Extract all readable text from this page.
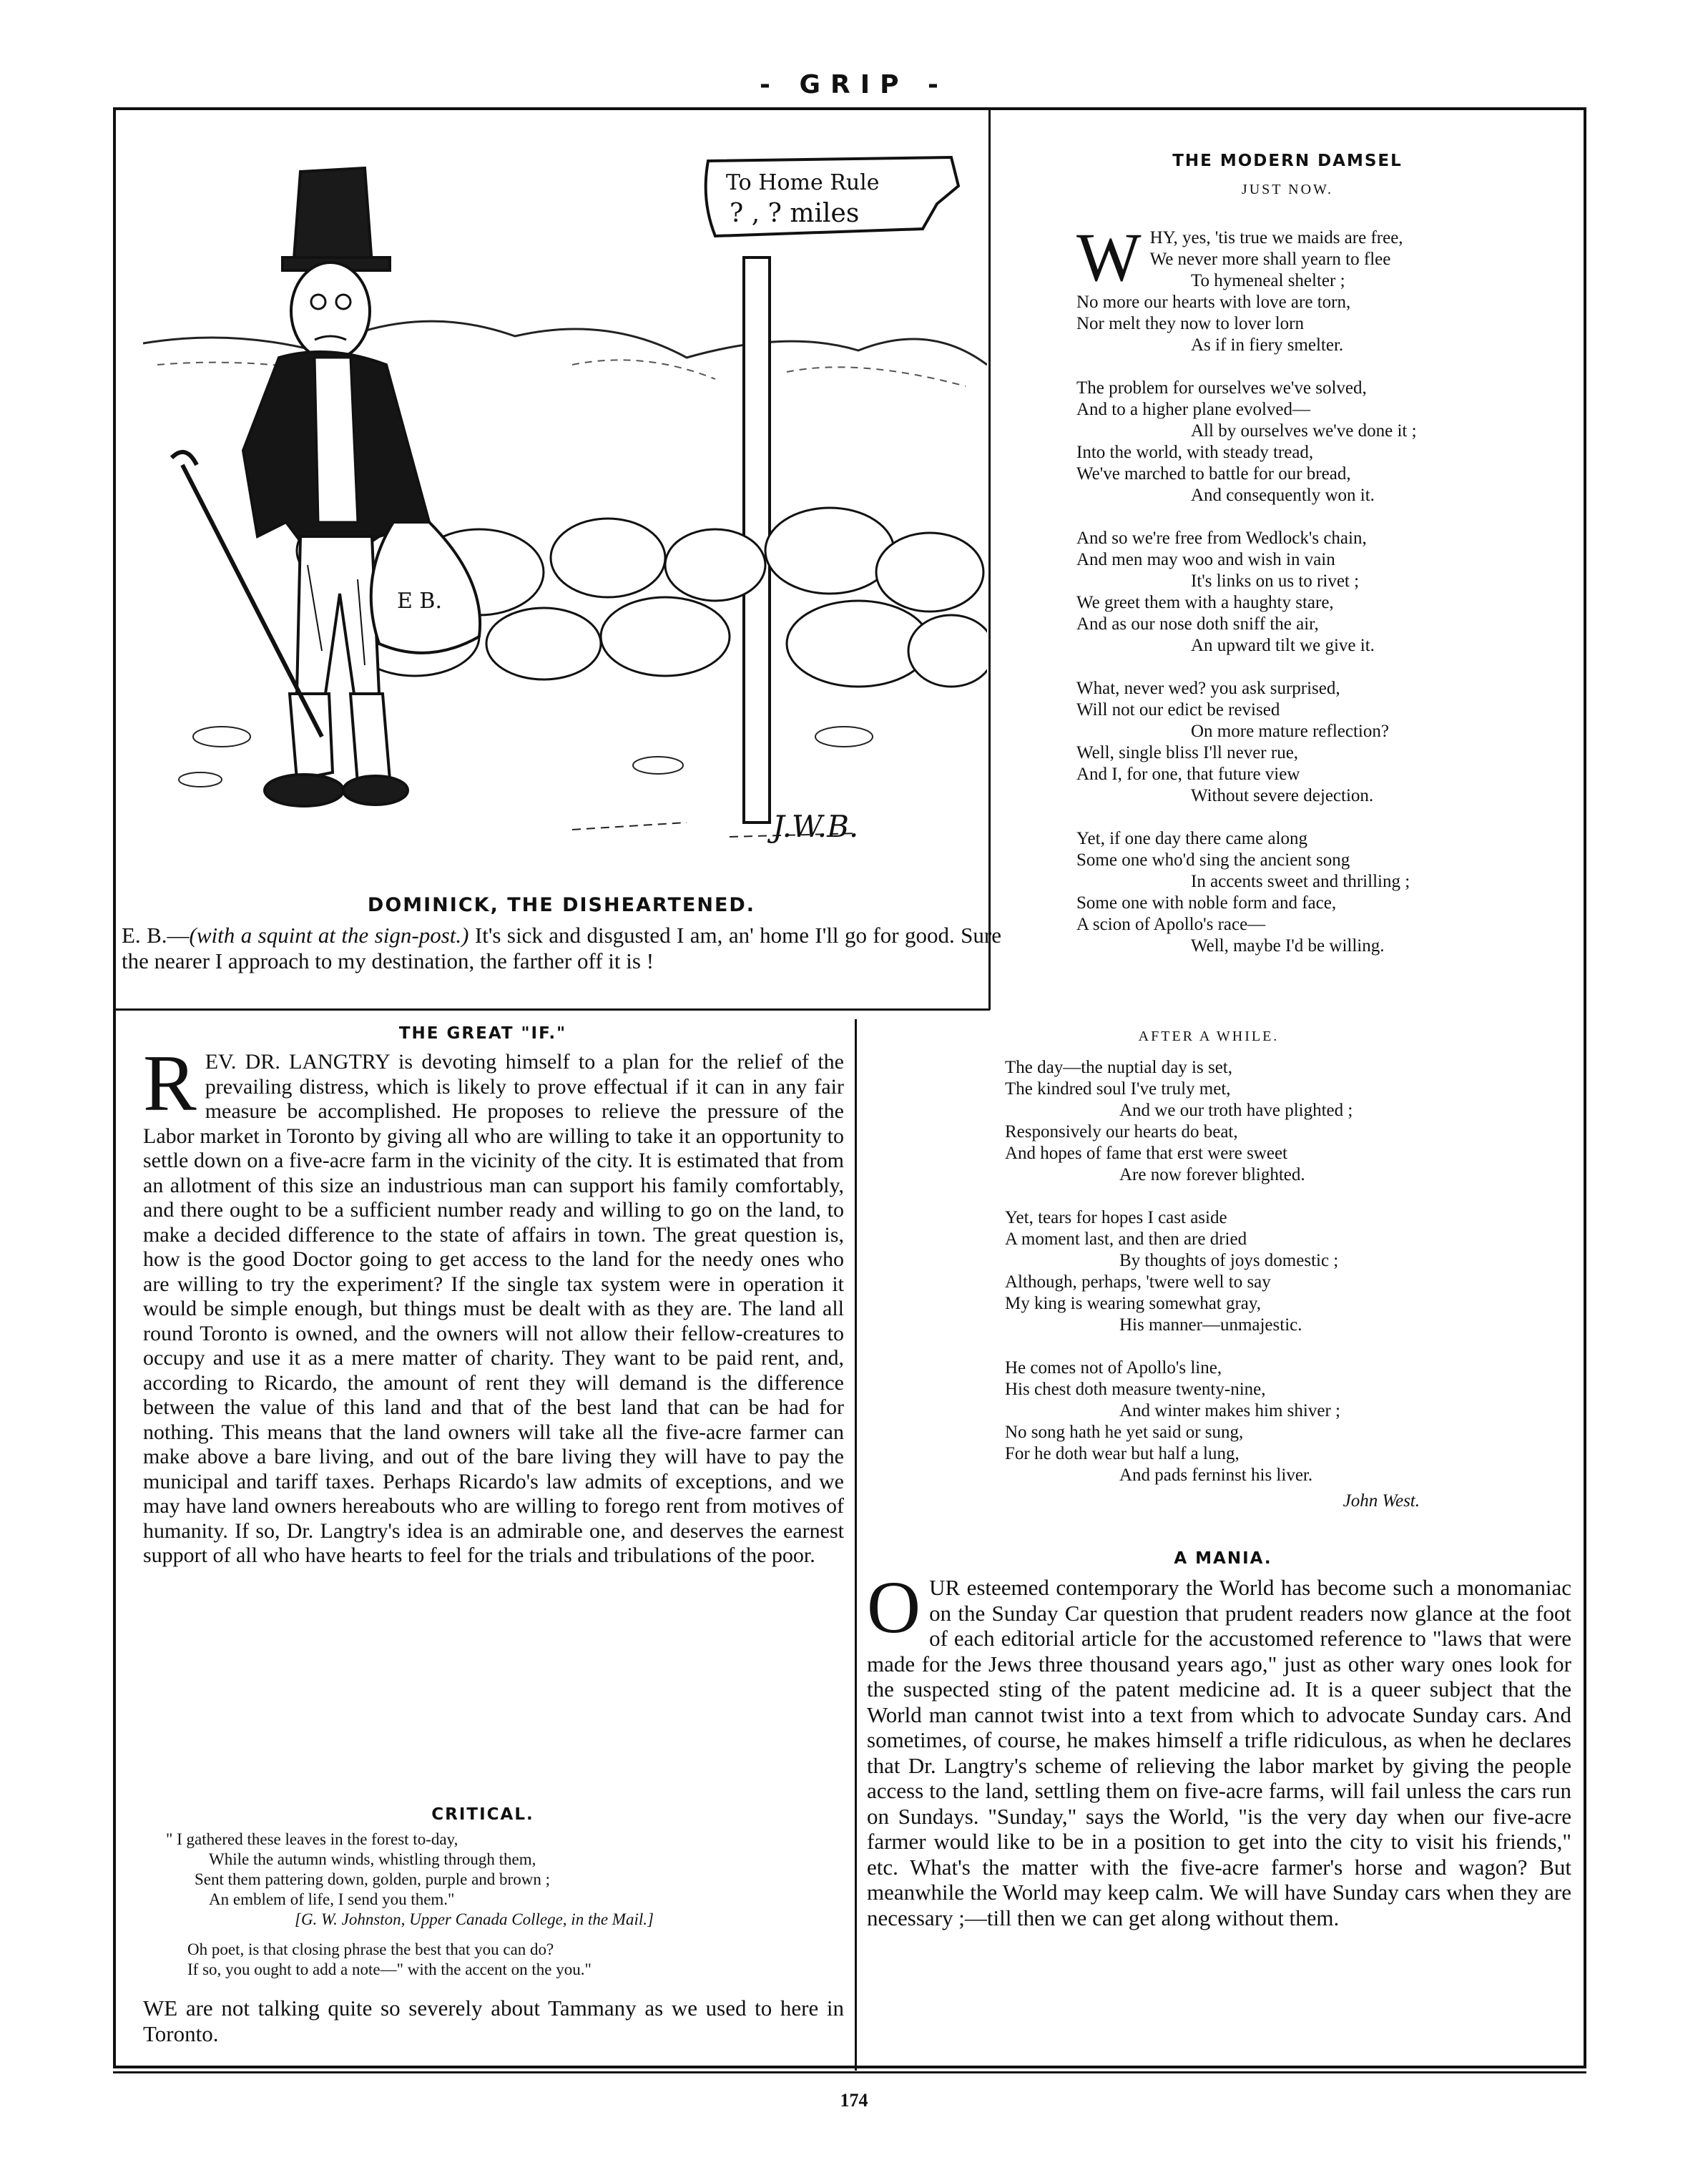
- GRIP -
To Home Rule
? , ? miles
E B.
J.W.B.
DOMINICK, THE DISHEARTENED.
E. B.—(with a squint at the sign-post.) It's sick and disgusted I am, an' home I'll go for good. Sure the nearer I approach to my destination, the farther off it is !
THE MODERN DAMSEL
JUST NOW.
W HY, yes, 'tis true we maids are free,
We never more shall yearn to flee
To hymeneal shelter ;
No more our hearts with love are torn,
Nor melt they now to lover lorn
As if in fiery smelter.
The problem for ourselves we've solved,
And to a higher plane evolved—
All by ourselves we've done it ;
Into the world, with steady tread,
We've marched to battle for our bread,
And consequently won it.
And so we're free from Wedlock's chain,
And men may woo and wish in vain
It's links on us to rivet ;
We greet them with a haughty stare,
And as our nose doth sniff the air,
An upward tilt we give it.
What, never wed? you ask surprised,
Will not our edict be revised
On more mature reflection?
Well, single bliss I'll never rue,
And I, for one, that future view
Without severe dejection.
Yet, if one day there came along
Some one who'd sing the ancient song
In accents sweet and thrilling ;
Some one with noble form and face,
A scion of Apollo's race—
Well, maybe I'd be willing.
AFTER A WHILE.
The day—the nuptial day is set,
The kindred soul I've truly met,
And we our troth have plighted ;
Responsively our hearts do beat,
And hopes of fame that erst were sweet
Are now forever blighted.
Yet, tears for hopes I cast aside
A moment last, and then are dried
By thoughts of joys domestic ;
Although, perhaps, 'twere well to say
My king is wearing somewhat gray,
His manner—unmajestic.
He comes not of Apollo's line,
His chest doth measure twenty-nine,
And winter makes him shiver ;
No song hath he yet said or sung,
For he doth wear but half a lung,
And pads ferninst his liver.
John West.
THE GREAT "IF."
REV. DR. LANGTRY is devoting himself to a plan for the relief of the prevailing distress, which is likely to prove effectual if it can in any fair measure be accomplished. He proposes to relieve the pressure of the Labor market in Toronto by giving all who are willing to take it an opportunity to settle down on a five-acre farm in the vicinity of the city. It is estimated that from an allotment of this size an industrious man can support his family comfortably, and there ought to be a sufficient number ready and willing to go on the land, to make a decided difference to the state of affairs in town. The great question is, how is the good Doctor going to get access to the land for the needy ones who are willing to try the experiment? If the single tax system were in operation it would be simple enough, but things must be dealt with as they are. The land all round Toronto is owned, and the owners will not allow their fellow-creatures to occupy and use it as a mere matter of charity. They want to be paid rent, and, according to Ricardo, the amount of rent they will demand is the difference between the value of this land and that of the best land that can be had for nothing. This means that the land owners will take all the five-acre farmer can make above a bare living, and out of the bare living they will have to pay the municipal and tariff taxes. Perhaps Ricardo's law admits of exceptions, and we may have land owners hereabouts who are willing to forego rent from motives of humanity. If so, Dr. Langtry's idea is an admirable one, and deserves the earnest support of all who have hearts to feel for the trials and tribulations of the poor.
CRITICAL.
" I gathered these leaves in the forest to-day,
While the autumn winds, whistling through them,
Sent them pattering down, golden, purple and brown ;
An emblem of life, I send you them."
[G. W. Johnston, Upper Canada College, in the Mail.]
Oh poet, is that closing phrase the best that you can do?
If so, you ought to add a note—" with the accent on the you."
WE are not talking quite so severely about Tammany as we used to here in Toronto.
A MANIA.
OUR esteemed contemporary the World has become such a monomaniac on the Sunday Car question that prudent readers now glance at the foot of each editorial article for the accustomed reference to "laws that were made for the Jews three thousand years ago," just as other wary ones look for the suspected sting of the patent medicine ad. It is a queer subject that the World man cannot twist into a text from which to advocate Sunday cars. And sometimes, of course, he makes himself a trifle ridiculous, as when he declares that Dr. Langtry's scheme of relieving the labor market by giving the people access to the land, settling them on five-acre farms, will fail unless the cars run on Sundays. "Sunday," says the World, "is the very day when our five-acre farmer would like to be in a position to get into the city to visit his friends," etc. What's the matter with the five-acre farmer's horse and wagon? But meanwhile the World may keep calm. We will have Sunday cars when they are necessary ;—till then we can get along without them.
174
